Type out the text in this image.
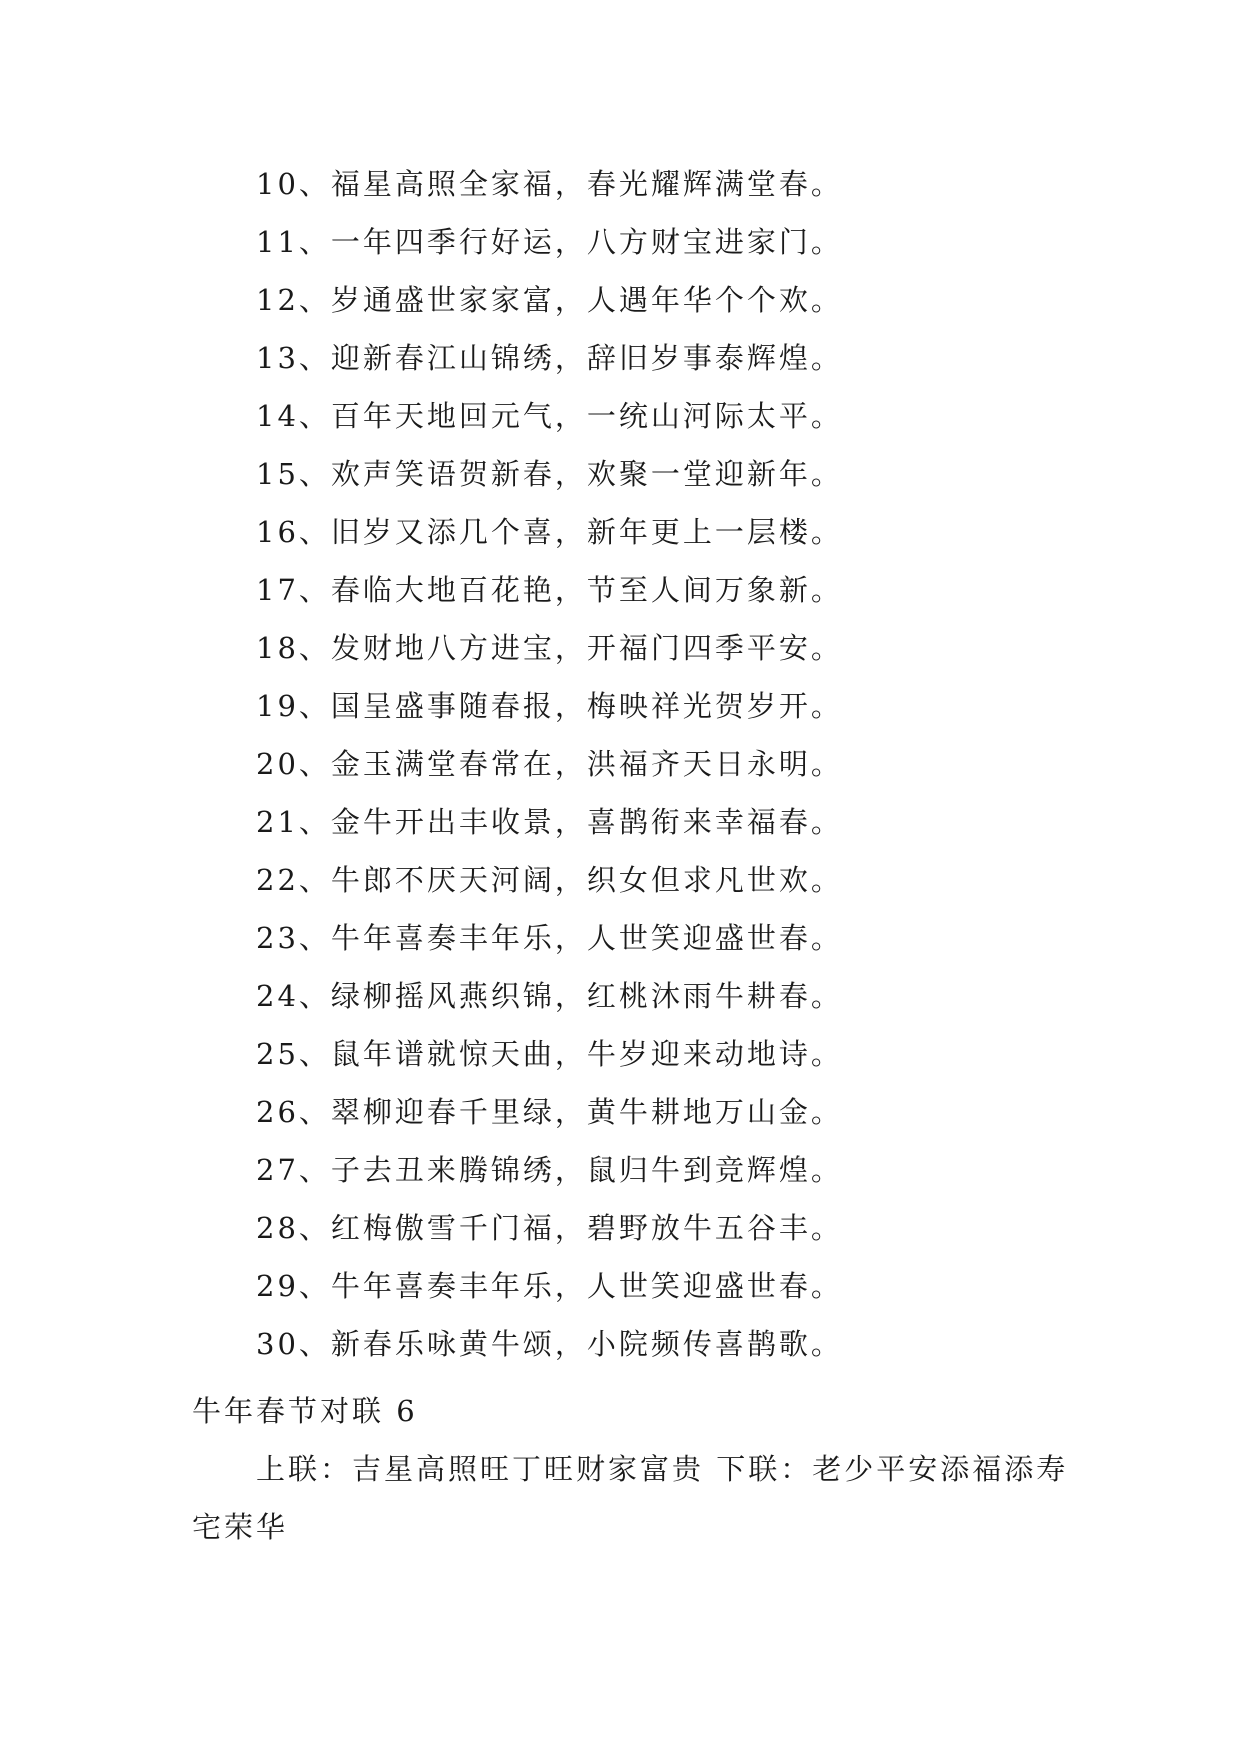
10、福星高照全家福，春光耀辉满堂春。
11、一年四季行好运，八方财宝进家门。
12、岁通盛世家家富，人遇年华个个欢。
13、迎新春江山锦绣，辞旧岁事泰辉煌。
14、百年天地回元气，一统山河际太平。
15、欢声笑语贺新春，欢聚一堂迎新年。
16、旧岁又添几个喜，新年更上一层楼。
17、春临大地百花艳，节至人间万象新。
18、发财地八方进宝，开福门四季平安。
19、国呈盛事随春报，梅映祥光贺岁开。
20、金玉满堂春常在，洪福齐天日永明。
21、金牛开出丰收景，喜鹊衔来幸福春。
22、牛郎不厌天河阔，织女但求凡世欢。
23、牛年喜奏丰年乐，人世笑迎盛世春。
24、绿柳摇风燕织锦，红桃沐雨牛耕春。
25、鼠年谱就惊天曲，牛岁迎来动地诗。
26、翠柳迎春千里绿，黄牛耕地万山金。
27、子去丑来腾锦绣，鼠归牛到竞辉煌。
28、红梅傲雪千门福，碧野放牛五谷丰。
29、牛年喜奏丰年乐，人世笑迎盛世春。
30、新春乐咏黄牛颂，小院频传喜鹊歌。
牛年春节对联 6

上联：吉星高照旺丁旺财家富贵 下联：老少平安添福添寿宅荣华
